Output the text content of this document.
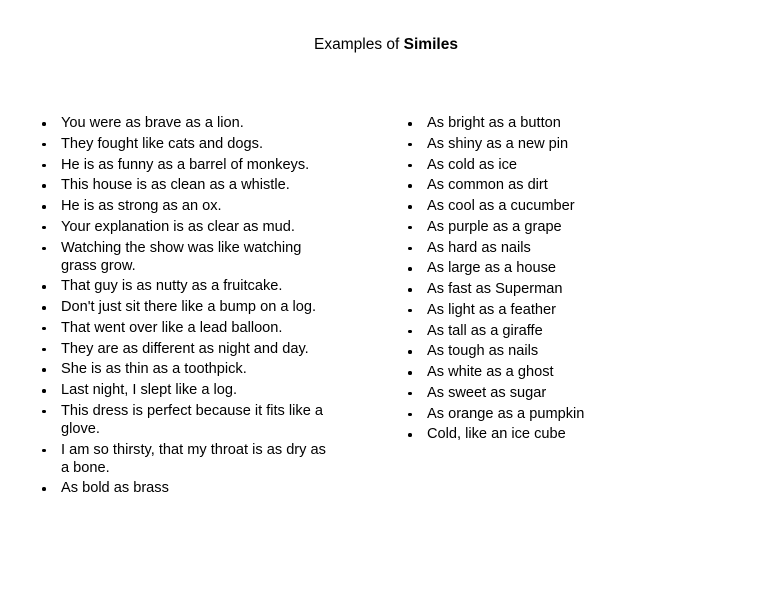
Examples of Similes
You were as brave as a lion.
They fought like cats and dogs.
He is as funny as a barrel of monkeys.
This house is as clean as a whistle.
He is as strong as an ox.
Your explanation is as clear as mud.
Watching the show was like watching grass grow.
That guy is as nutty as a fruitcake.
Don't just sit there like a bump on a log.
That went over like a lead balloon.
They are as different as night and day.
She is as thin as a toothpick.
Last night, I slept like a log.
This dress is perfect because it fits like a glove.
I am so thirsty, that my throat is as dry as a bone.
As bold as brass
As bright as a button
As shiny as a new pin
As cold as ice
As common as dirt
As cool as a cucumber
As purple as a grape
As hard as nails
As large as a house
As fast as Superman
As light as a feather
As tall as a giraffe
As tough as nails
As white as a ghost
As sweet as sugar
As orange as a pumpkin
Cold, like an ice cube
